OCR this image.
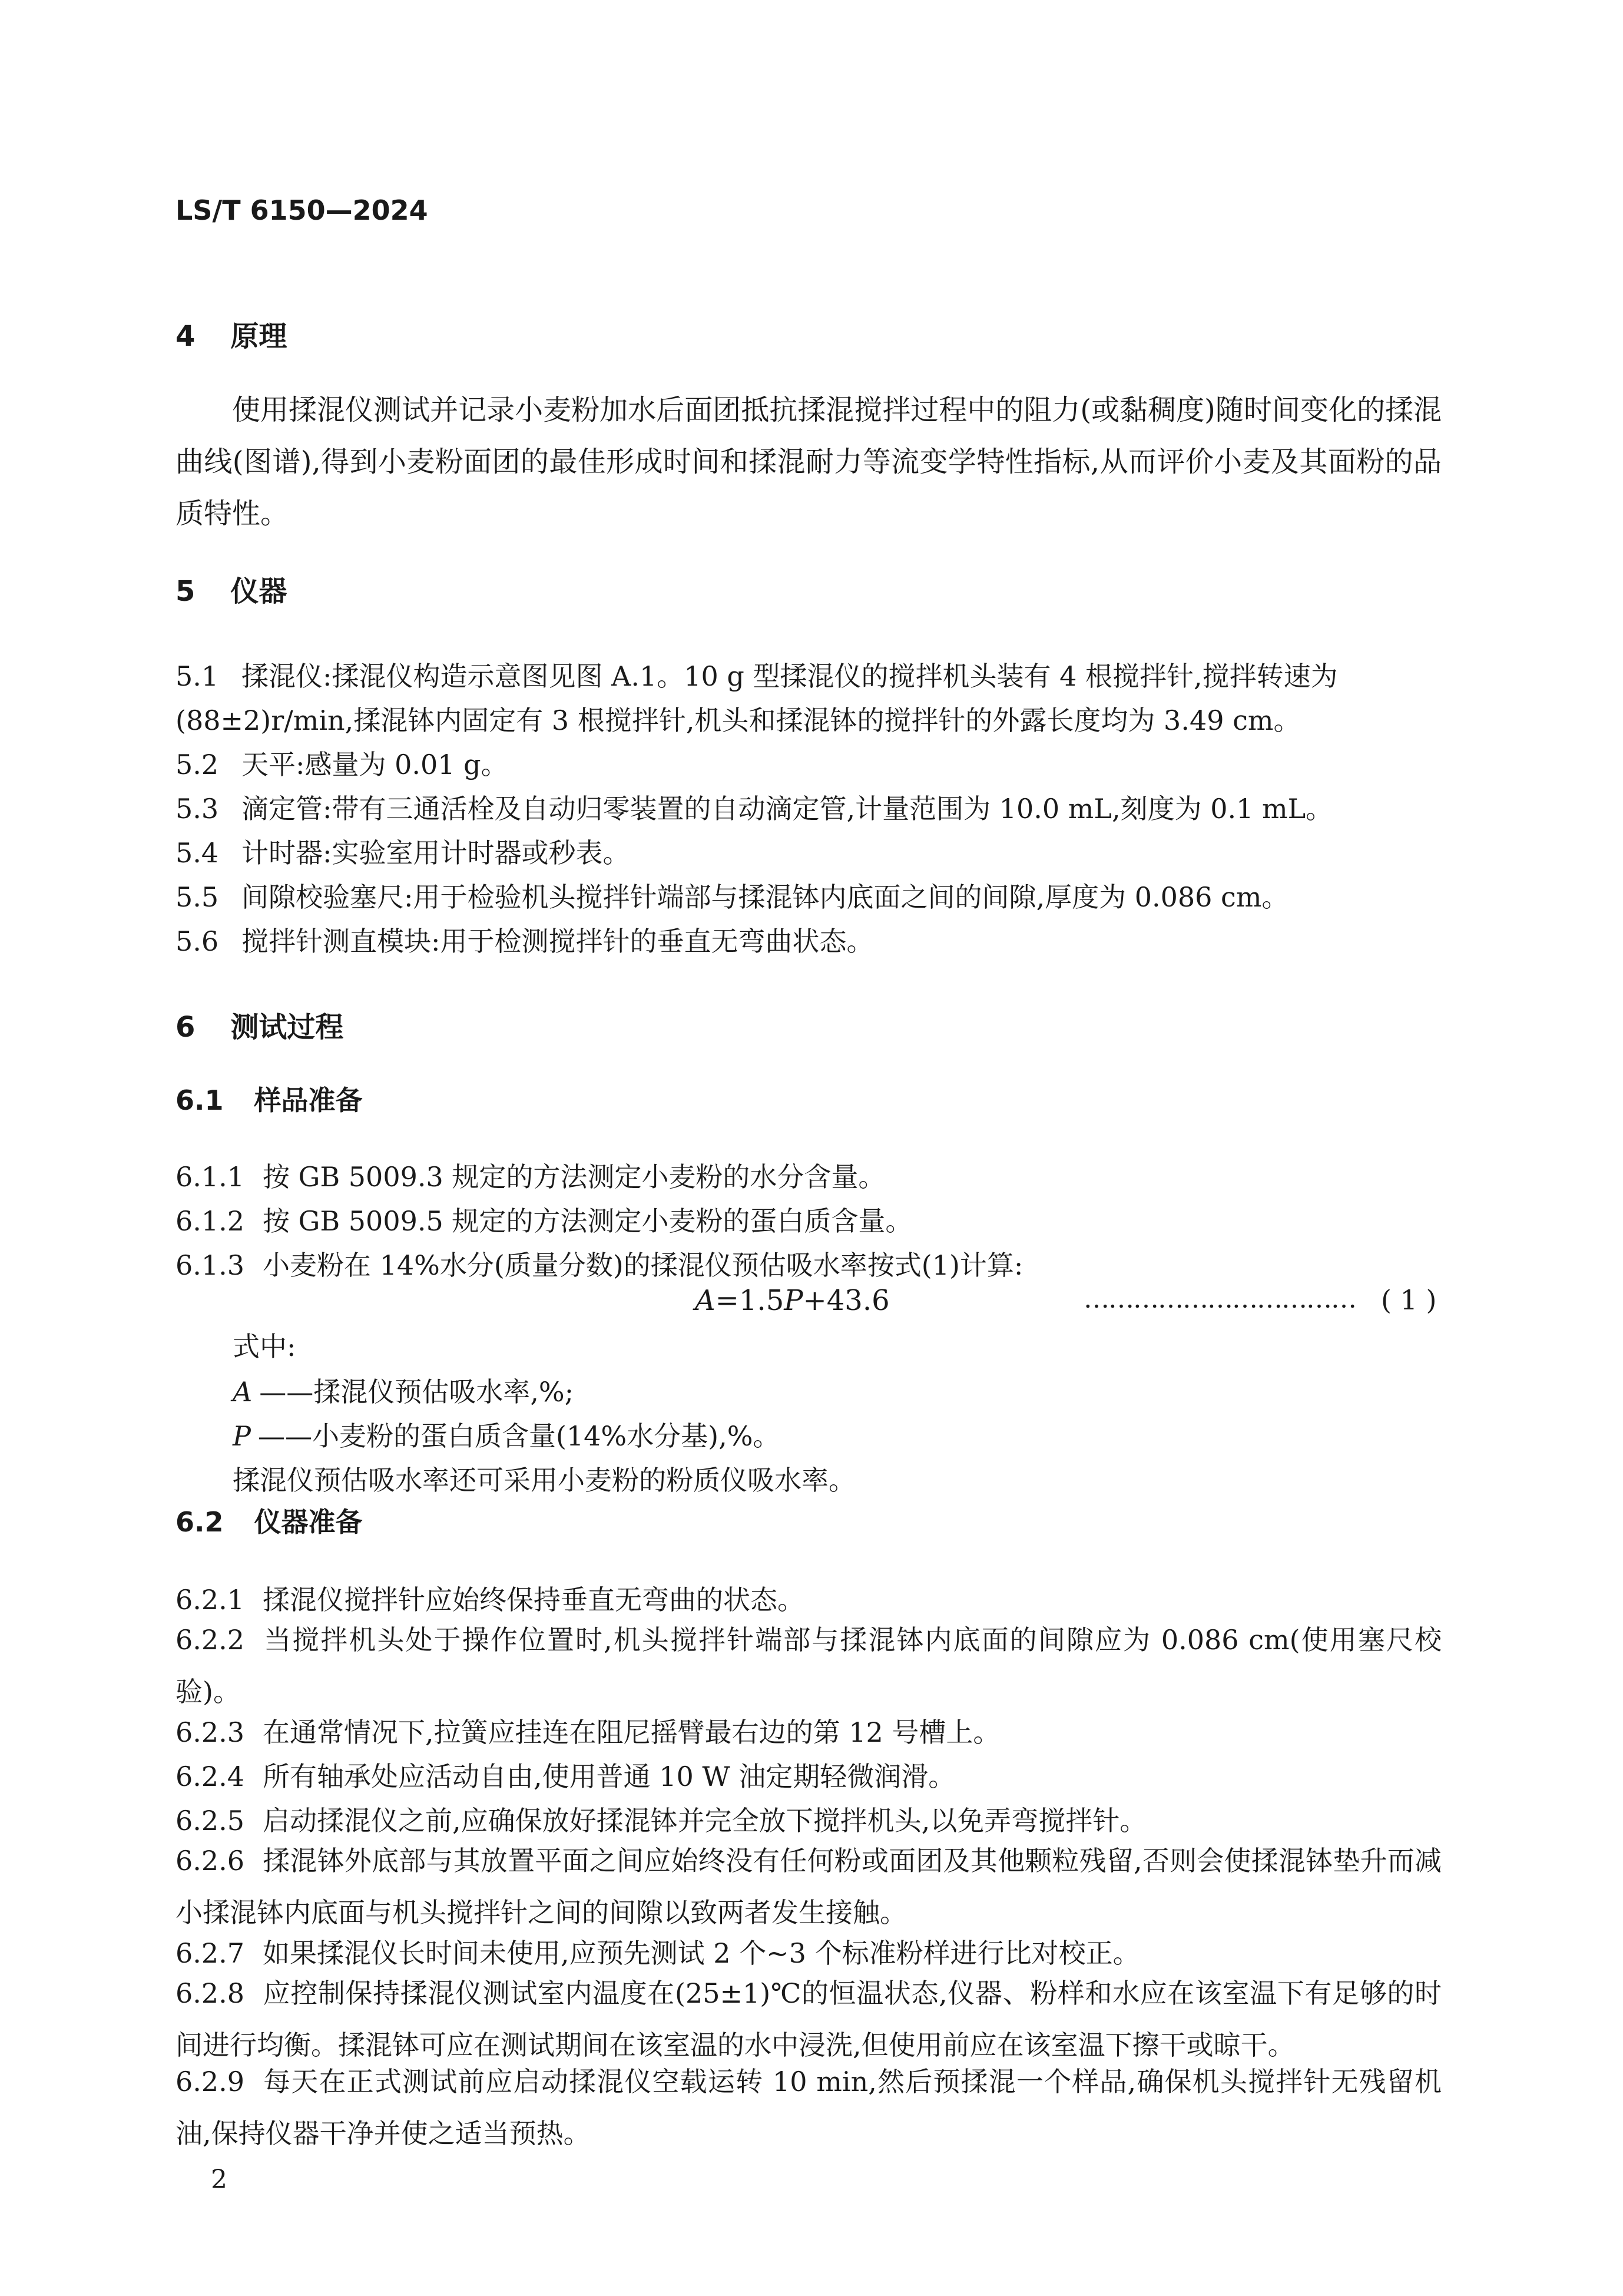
LS/T 6150—2024
4 原理
使用揉混仪测试并记录小麦粉加水后面团抵抗揉混搅拌过程中的阻力(或黏稠度)随时间变化的揉混曲线(图谱),得到小麦粉面团的最佳形成时间和揉混耐力等流变学特性指标,从而评价小麦及其面粉的品质特性。
5 仪器
5.1 揉混仪:揉混仪构造示意图见图 A.1。10 g 型揉混仪的搅拌机头装有 4 根搅拌针,搅拌转速为
(88±2)r/min,揉混钵内固定有 3 根搅拌针,机头和揉混钵的搅拌针的外露长度均为 3.49 cm。
5.2 天平:感量为 0.01 g。
5.3 滴定管:带有三通活栓及自动归零装置的自动滴定管,计量范围为 10.0 mL,刻度为 0.1 mL。
5.4 计时器:实验室用计时器或秒表。
5.5 间隙校验塞尺:用于检验机头搅拌针端部与揉混钵内底面之间的间隙,厚度为 0.086 cm。
5.6 搅拌针测直模块:用于检测搅拌针的垂直无弯曲状态。
6 测试过程
6.1 样品准备
6.1.1 按 GB 5009.3 规定的方法测定小麦粉的水分含量。
6.1.2 按 GB 5009.5 规定的方法测定小麦粉的蛋白质含量。
6.1.3 小麦粉在 14%水分(质量分数)的揉混仪预估吸水率按式(1)计算:
A=1.5P+43.6	…………………………… ( 1 )
式中:
A ——揉混仪预估吸水率,%;
P ——小麦粉的蛋白质含量(14%水分基),%。
揉混仪预估吸水率还可采用小麦粉的粉质仪吸水率。
6.2 仪器准备
6.2.1 揉混仪搅拌针应始终保持垂直无弯曲的状态。
6.2.2 当搅拌机头处于操作位置时,机头搅拌针端部与揉混钵内底面的间隙应为 0.086 cm(使用塞尺校验)。
6.2.3 在通常情况下,拉簧应挂连在阻尼摇臂最右边的第 12 号槽上。
6.2.4 所有轴承处应活动自由,使用普通 10 W 油定期轻微润滑。
6.2.5 启动揉混仪之前,应确保放好揉混钵并完全放下搅拌机头,以免弄弯搅拌针。
6.2.6 揉混钵外底部与其放置平面之间应始终没有任何粉或面团及其他颗粒残留,否则会使揉混钵垫升而减小揉混钵内底面与机头搅拌针之间的间隙以致两者发生接触。
6.2.7 如果揉混仪长时间未使用,应预先测试 2 个~3 个标准粉样进行比对校正。
6.2.8 应控制保持揉混仪测试室内温度在(25±1)℃的恒温状态,仪器、粉样和水应在该室温下有足够的时间进行均衡。揉混钵可应在测试期间在该室温的水中浸洗,但使用前应在该室温下擦干或晾干。
6.2.9 每天在正式测试前应启动揉混仪空载运转 10 min,然后预揉混一个样品,确保机头搅拌针无残留机油,保持仪器干净并使之适当预热。
2
